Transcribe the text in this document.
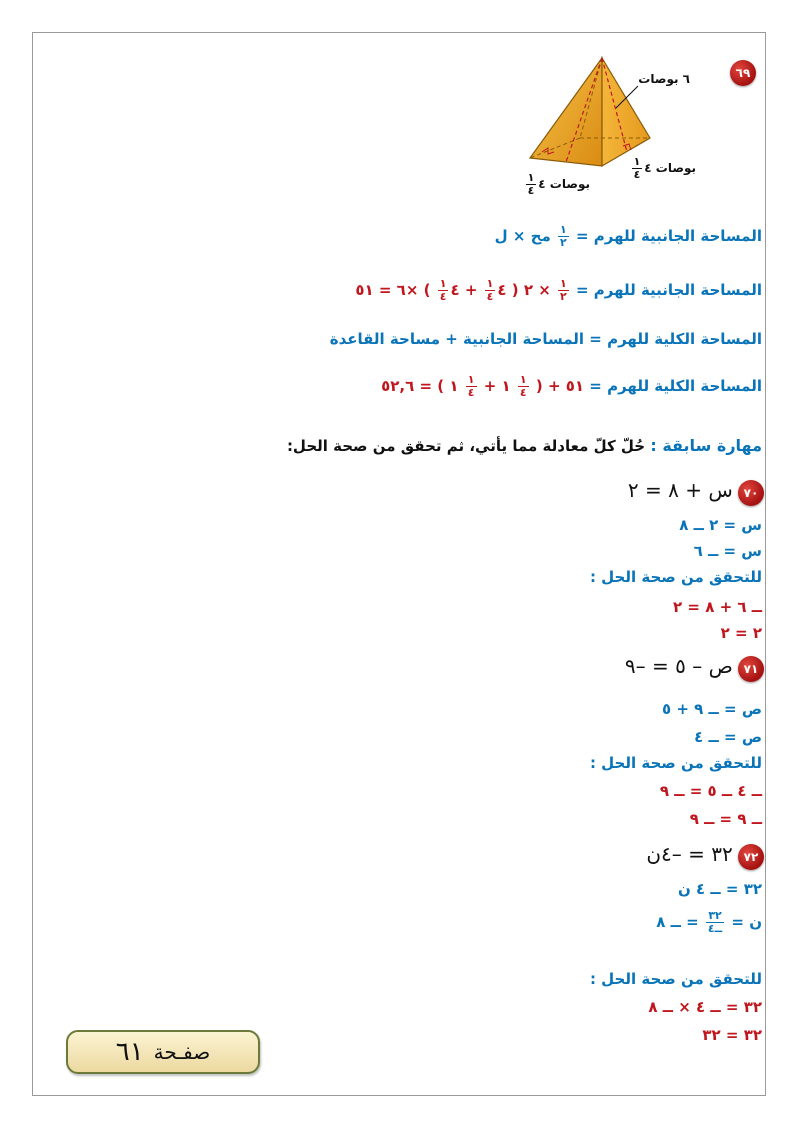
٦٩
٦ بوصات
بوصات ٤
$\frac{١}{٤}$
بوصات ٤
$\frac{١}{٤}$
المساحة الجانبية للهرم =
$\frac{١}{٢}$
مح × ل
المساحة الجانبية للهرم =
$\frac{١}{٢}$
× ٢ ( ٤
$\frac{١}{٤}$
+ ٤
$\frac{١}{٤}$
) ×٦ = ٥١
المساحة الكلية للهرم = المساحة الجانبية + مساحة القاعدة
المساحة الكلية للهرم = ٥١ + (
$\frac{١}{٤}$
١ +
$\frac{١}{٤}$
١ ) = ٥٢,٦
مهارة سابقة : حُلّ كلّ معادلة مما يأتي، ثم تحقق من صحة الحل:
٧٠ س + ٨ = ٢
س = ٢ ــ ٨
س = ــ ٦
للتحقق من صحة الحل :
ــ ٦ + ٨ = ٢
٢ = ٢
٧١ ص – ٥ = –٩
ص = ــ ٩ + ٥
ص = ــ ٤
للتحقق من صحة الحل :
ــ ٤ ــ ٥ = ــ ٩
ــ ٩ = ــ ٩
٧٢ ٣٢ = –٤ن
٣٢ = ــ ٤ ن
ن =
$\frac{٣٢}{\text{ــ٤}}$
= ــ ٨
للتحقق من صحة الحل :
٣٢ = ــ ٤ × ــ ٨
٣٢ = ٣٢
صفـحة
٦١
